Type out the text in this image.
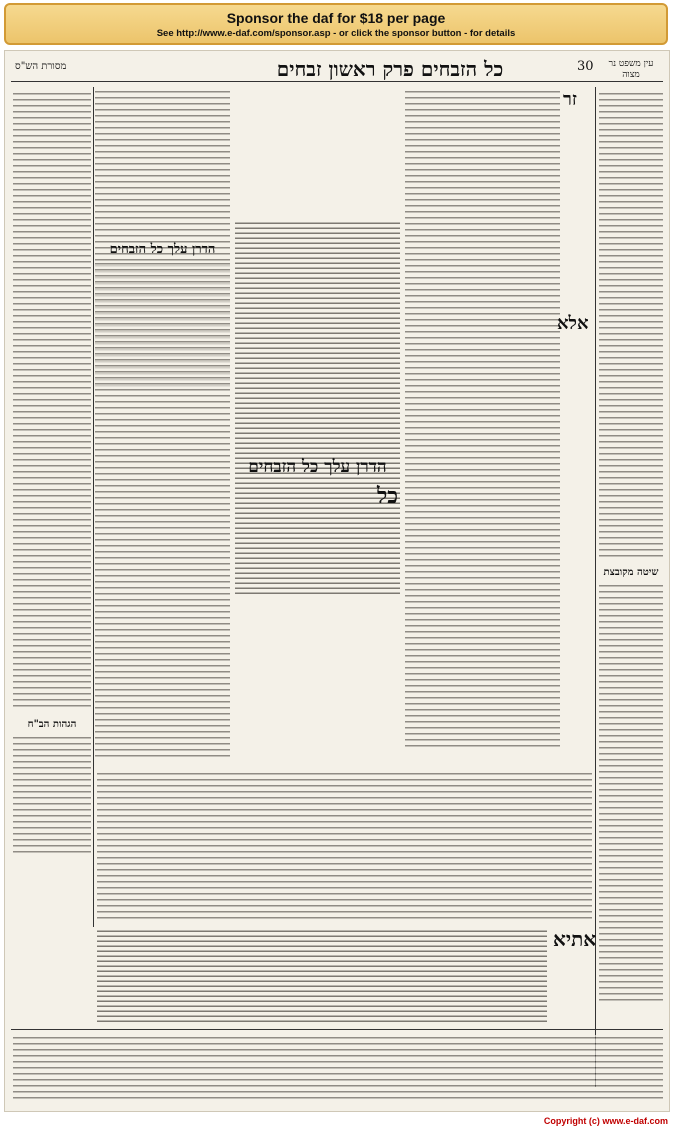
Sponsor the daf for $18 per page
See http://www.e-daf.com/sponsor.asp - or click the sponsor button - for details
מסורת הש"ס	כל הזבחים פרק ראשון זבחים	30	עין משפט נר מצוה
שיטה מקובצת
זר
אלא
הדרן עלך כל הזבחים
כל
הדרן עלך כל הזבחים
הגהות הב"ח
אתיא
Copyright (c) www.e-daf.com
